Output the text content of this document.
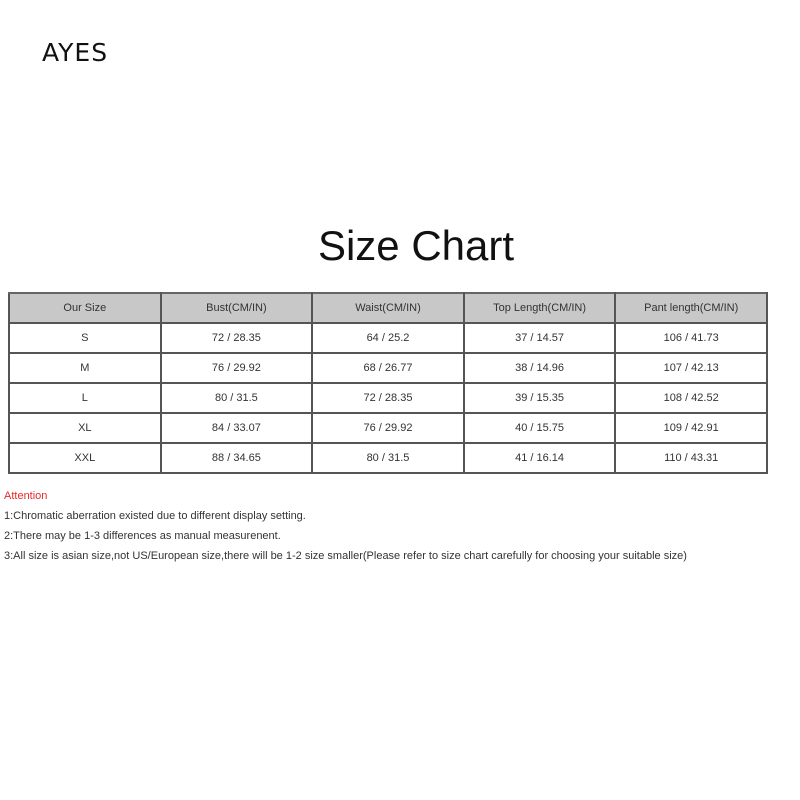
AYES
Size Chart
Our Size	Bust(CM/IN)	Waist(CM/IN)	Top Length(CM/IN)	Pant length(CM/IN)
S	72 / 28.35	64 / 25.2	37 / 14.57	106 / 41.73
M	76 / 29.92	68 / 26.77	38 / 14.96	107 / 42.13
L	80 / 31.5	72 / 28.35	39 / 15.35	108 / 42.52
XL	84 / 33.07	76 / 29.92	40 / 15.75	109 / 42.91
XXL	88 / 34.65	80 / 31.5	41 / 16.14	110 / 43.31
Attention
1:Chromatic aberration existed due to different display setting.
2:There may be 1-3 differences as manual measurenent.
3:All size is asian size,not US/European size,there will be 1-2 size smaller(Please refer to size chart carefully for choosing your suitable size)
